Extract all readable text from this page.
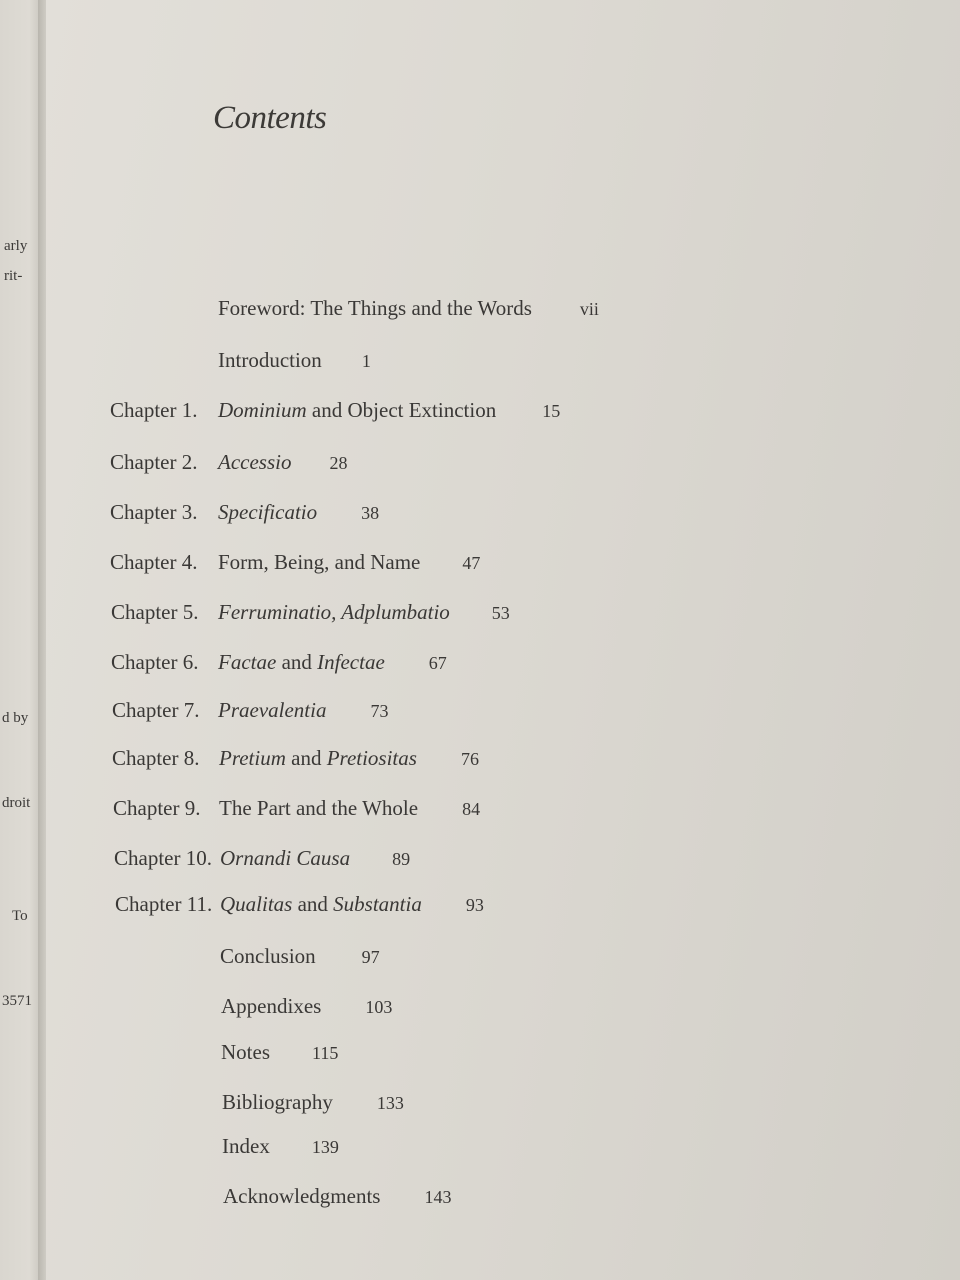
arly
rit-
d by
droit
To
3571
Contents
Foreword: The Things and the Words	vii
Introduction 1
Chapter 1. Dominium and Object Extinction	15
Chapter 2. Accessio 28
Chapter 3. Specificatio 38
Chapter 4. Form, Being, and Name 47
Chapter 5. Ferruminatio, Adplumbatio 53
Chapter 6. Factae and Infectae 67
Chapter 7. Praevalentia 73
Chapter 8. Pretium and Pretiositas 76
Chapter 9. The Part and the Whole 84
Chapter 10. Ornandi Causa 89
Chapter 11. Qualitas and Substantia 93
Conclusion	97
Appendixes 103
Notes 115
Bibliography 133
Index 139
Acknowledgments 143
